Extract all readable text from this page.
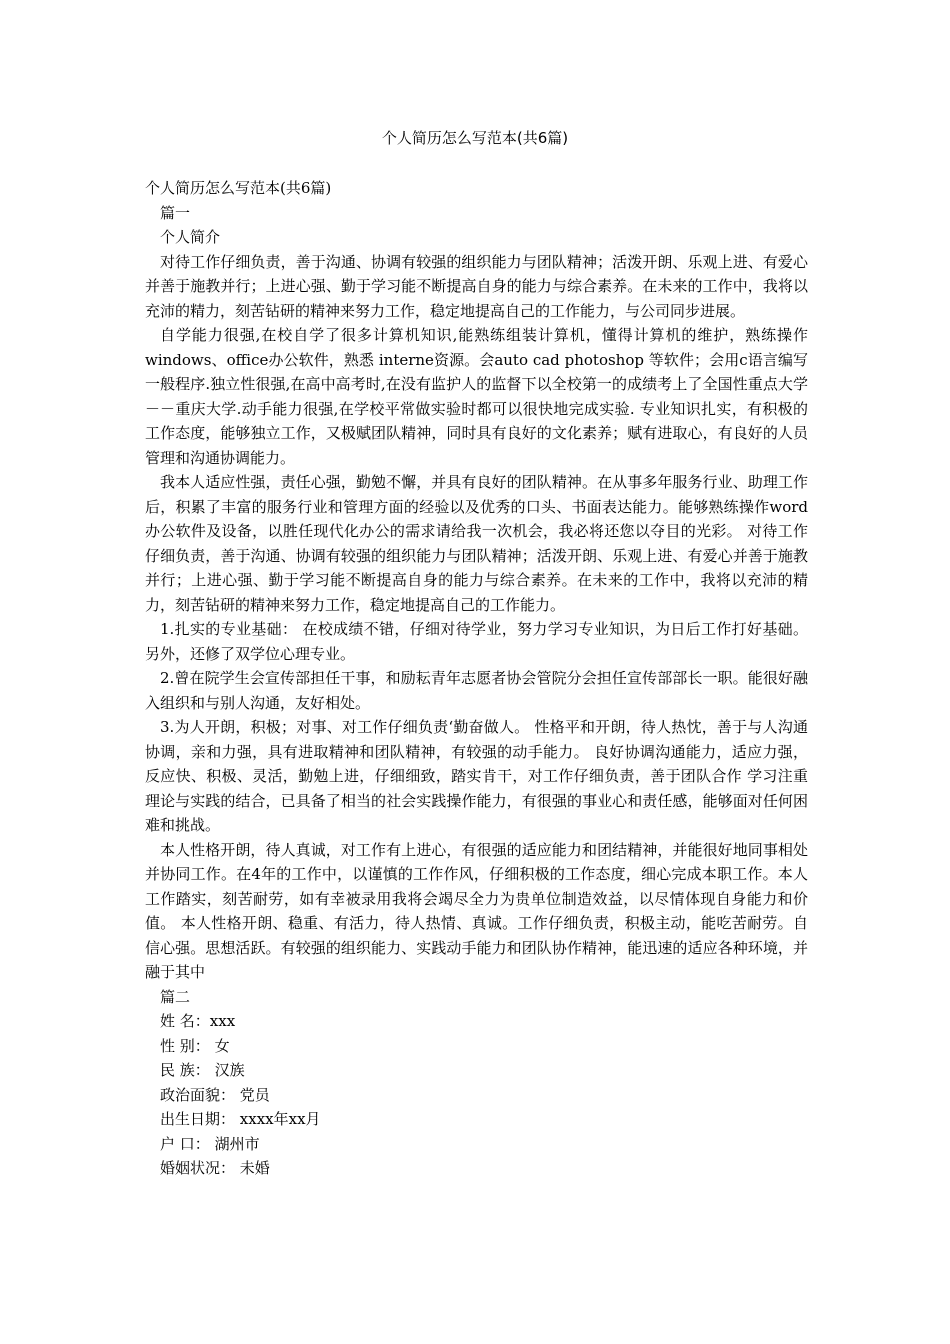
个人简历怎么写范本(共6篇)
个人简历怎么写范本(共6篇)
篇一
个人简介

对待工作仔细负责，善于沟通、协调有较强的组织能力与团队精神；活泼开朗、乐观上进、有爱心并善于施教并行；上进心强、勤于学习能不断提高自身的能力与综合素养。在未来的工作中，我将以充沛的精力，刻苦钻研的精神来努力工作，稳定地提高自己的工作能力，与公司同步进展。

自学能力很强,在校自学了很多计算机知识,能熟练组装计算机，懂得计算机的维护，熟练操作windows、office办公软件，熟悉 interne资源。会auto cad photoshop 等软件；会用c语言编写一般程序.独立性很强,在高中高考时,在没有监护人的监督下以全校第一的成绩考上了全国性重点大学－－重庆大学.动手能力很强,在学校平常做实验时都可以很快地完成实验. 专业知识扎实，有积极的工作态度，能够独立工作，又极赋团队精神，同时具有良好的文化素养；赋有进取心，有良好的人员管理和沟通协调能力。

我本人适应性强，责任心强，勤勉不懈，并具有良好的团队精神。在从事多年服务行业、助理工作后，积累了丰富的服务行业和管理方面的经验以及优秀的口头、书面表达能力。能够熟练操作word办公软件及设备，以胜任现代化办公的需求请给我一次机会，我必将还您以夺目的光彩。 对待工作仔细负责，善于沟通、协调有较强的组织能力与团队精神；活泼开朗、乐观上进、有爱心并善于施教并行；上进心强、勤于学习能不断提高自身的能力与综合素养。在未来的工作中，我将以充沛的精力，刻苦钻研的精神来努力工作，稳定地提高自己的工作能力。

1.扎实的专业基础： 在校成绩不错，仔细对待学业，努力学习专业知识，为日后工作打好基础。另外，还修了双学位心理专业。

2.曾在院学生会宣传部担任干事，和励耘青年志愿者协会管院分会担任宣传部部长一职。能很好融入组织和与别人沟通，友好相处。

3.为人开朗，积极；对事、对工作仔细负责‘勤奋做人。 性格平和开朗，待人热忱，善于与人沟通协调，亲和力强，具有进取精神和团队精神，有较强的动手能力。 良好协调沟通能力，适应力强，反应快、积极、灵活，勤勉上进，仔细细致，踏实肯干，对工作仔细负责，善于团队合作 学习注重理论与实践的结合，已具备了相当的社会实践操作能力，有很强的事业心和责任感，能够面对任何困难和挑战。

本人性格开朗，待人真诚，对工作有上进心，有很强的适应能力和团结精神，并能很好地同事相处并协同工作。在4年的工作中，以谨慎的工作作风，仔细积极的工作态度，细心完成本职工作。本人工作踏实，刻苦耐劳，如有幸被录用我将会竭尽全力为贵单位制造效益，以尽情体现自身能力和价值。 本人性格开朗、稳重、有活力，待人热情、真诚。工作仔细负责，积极主动，能吃苦耐劳。自信心强。思想活跃。有较强的组织能力、实践动手能力和团队协作精神，能迅速的适应各种环境，并融于其中

篇二
姓 名：xxx
性 别： 女
民 族： 汉族
政治面貌： 党员
出生日期： xxxx年xx月
户 口： 湖州市
婚姻状况： 未婚
